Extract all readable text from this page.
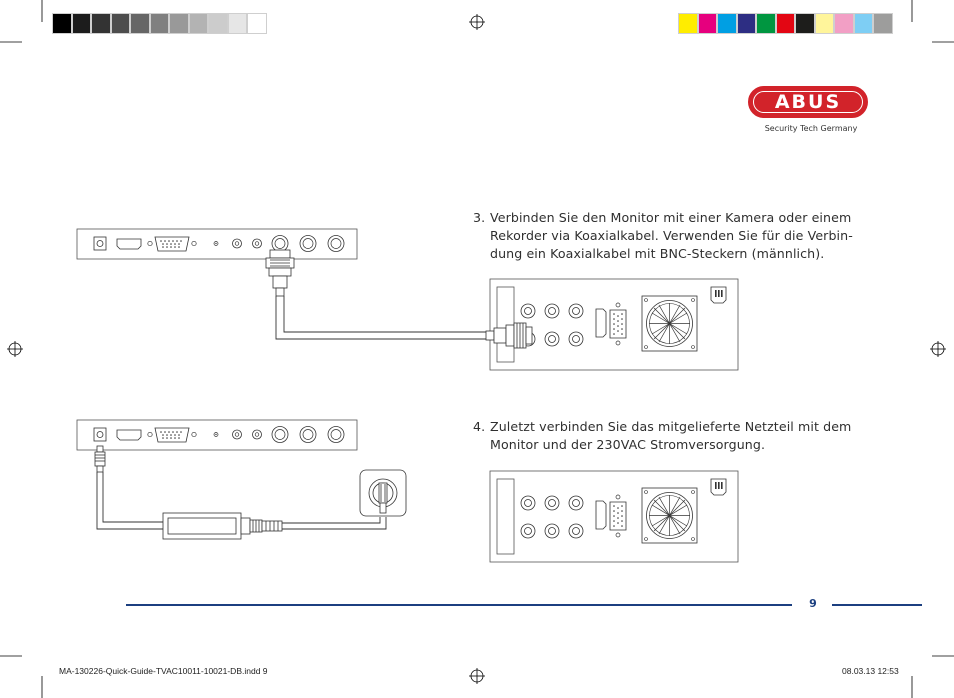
ABUS
Security Tech Germany
3. Verbinden Sie den Monitor mit einer Kamera oder einem
Rekorder via Koaxialkabel. Verwenden Sie für die Verbin-
dung ein Koaxialkabel mit BNC-Steckern (männlich).
4. Zuletzt verbinden Sie das mitgelieferte Netzteil mit dem
Monitor und der 230VAC Stromversorgung.
9
MA-130226-Quick-Guide-TVAC10011-10021-DB.indd 9	08.03.13 12:53
